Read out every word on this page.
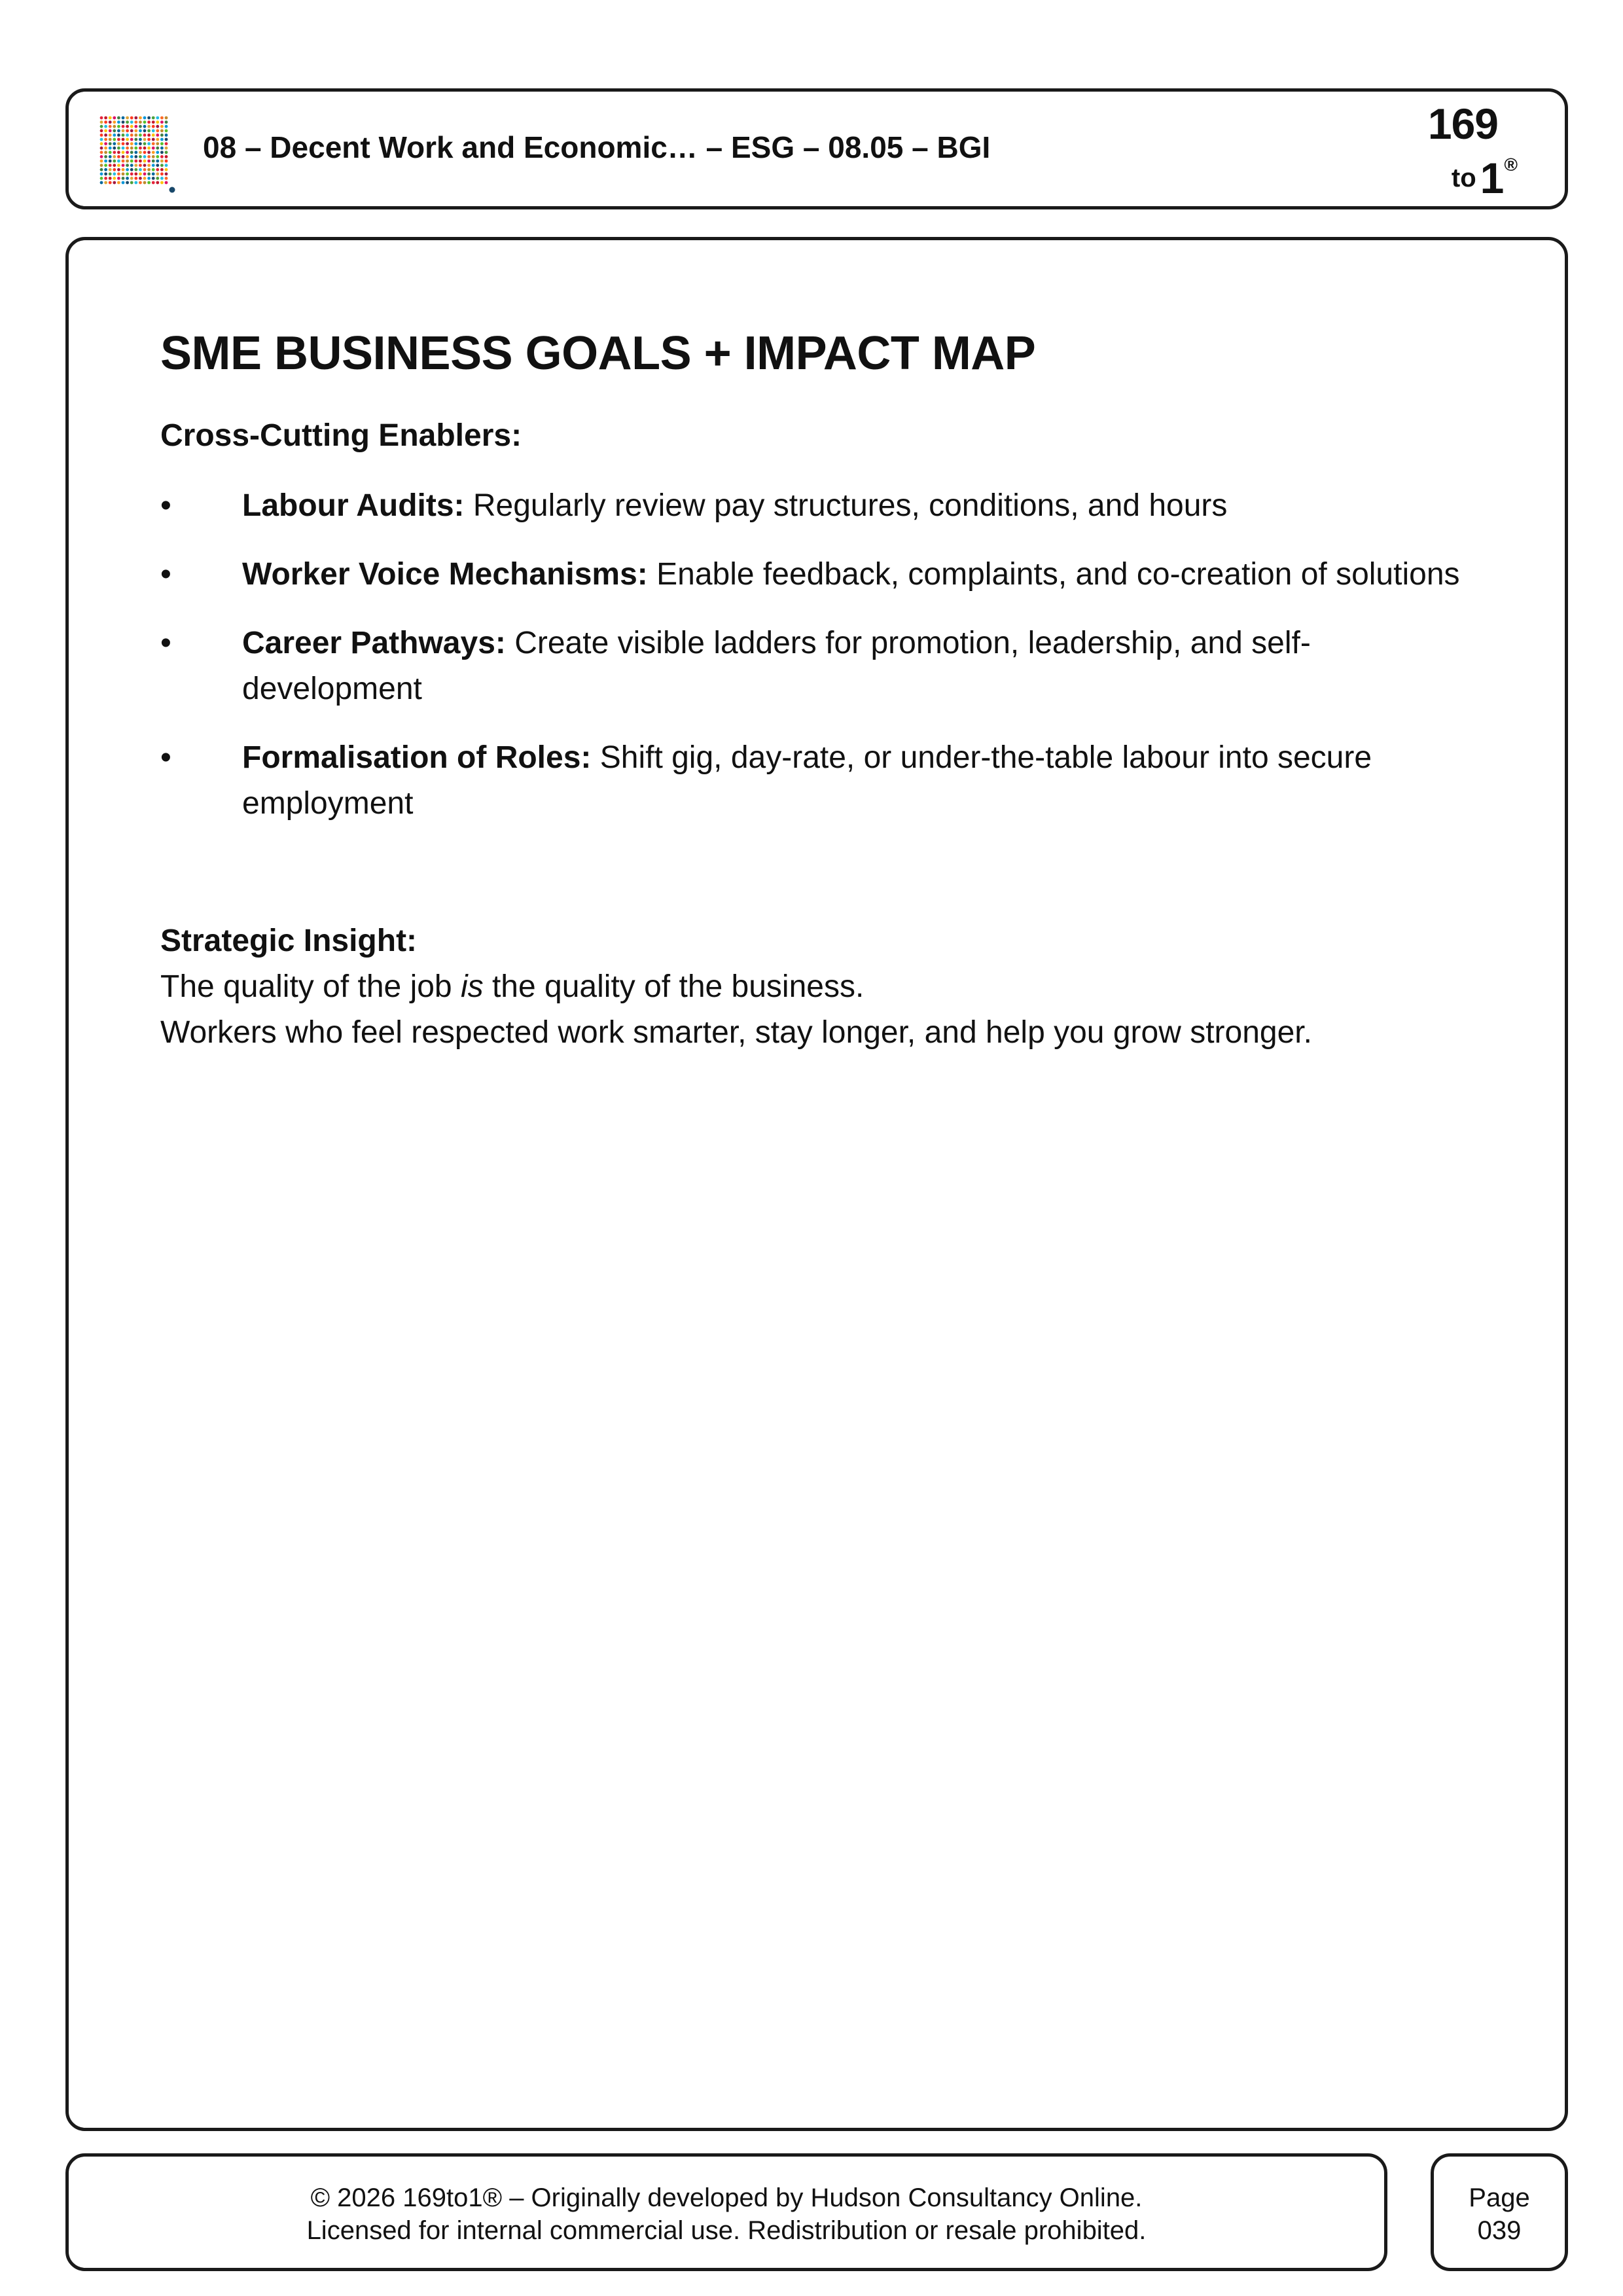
08 – Decent Work and Economic… – ESG – 08.05 – BGI	169
to1®
SME BUSINESS GOALS + IMPACT MAP
Cross-Cutting Enablers:
• Labour Audits: Regularly review pay structures, conditions, and hours
• Worker Voice Mechanisms: Enable feedback, complaints, and co-creation of solutions
• Career Pathways: Create visible ladders for promotion, leadership, and self-development
• Formalisation of Roles: Shift gig, day-rate, or under-the-table labour into secure employment
Strategic Insight:
The quality of the job is the quality of the business.
Workers who feel respected work smarter, stay longer, and help you grow stronger.
© 2026 169to1® – Originally developed by Hudson Consultancy Online.
Licensed for internal commercial use. Redistribution or resale prohibited.
Page
039
